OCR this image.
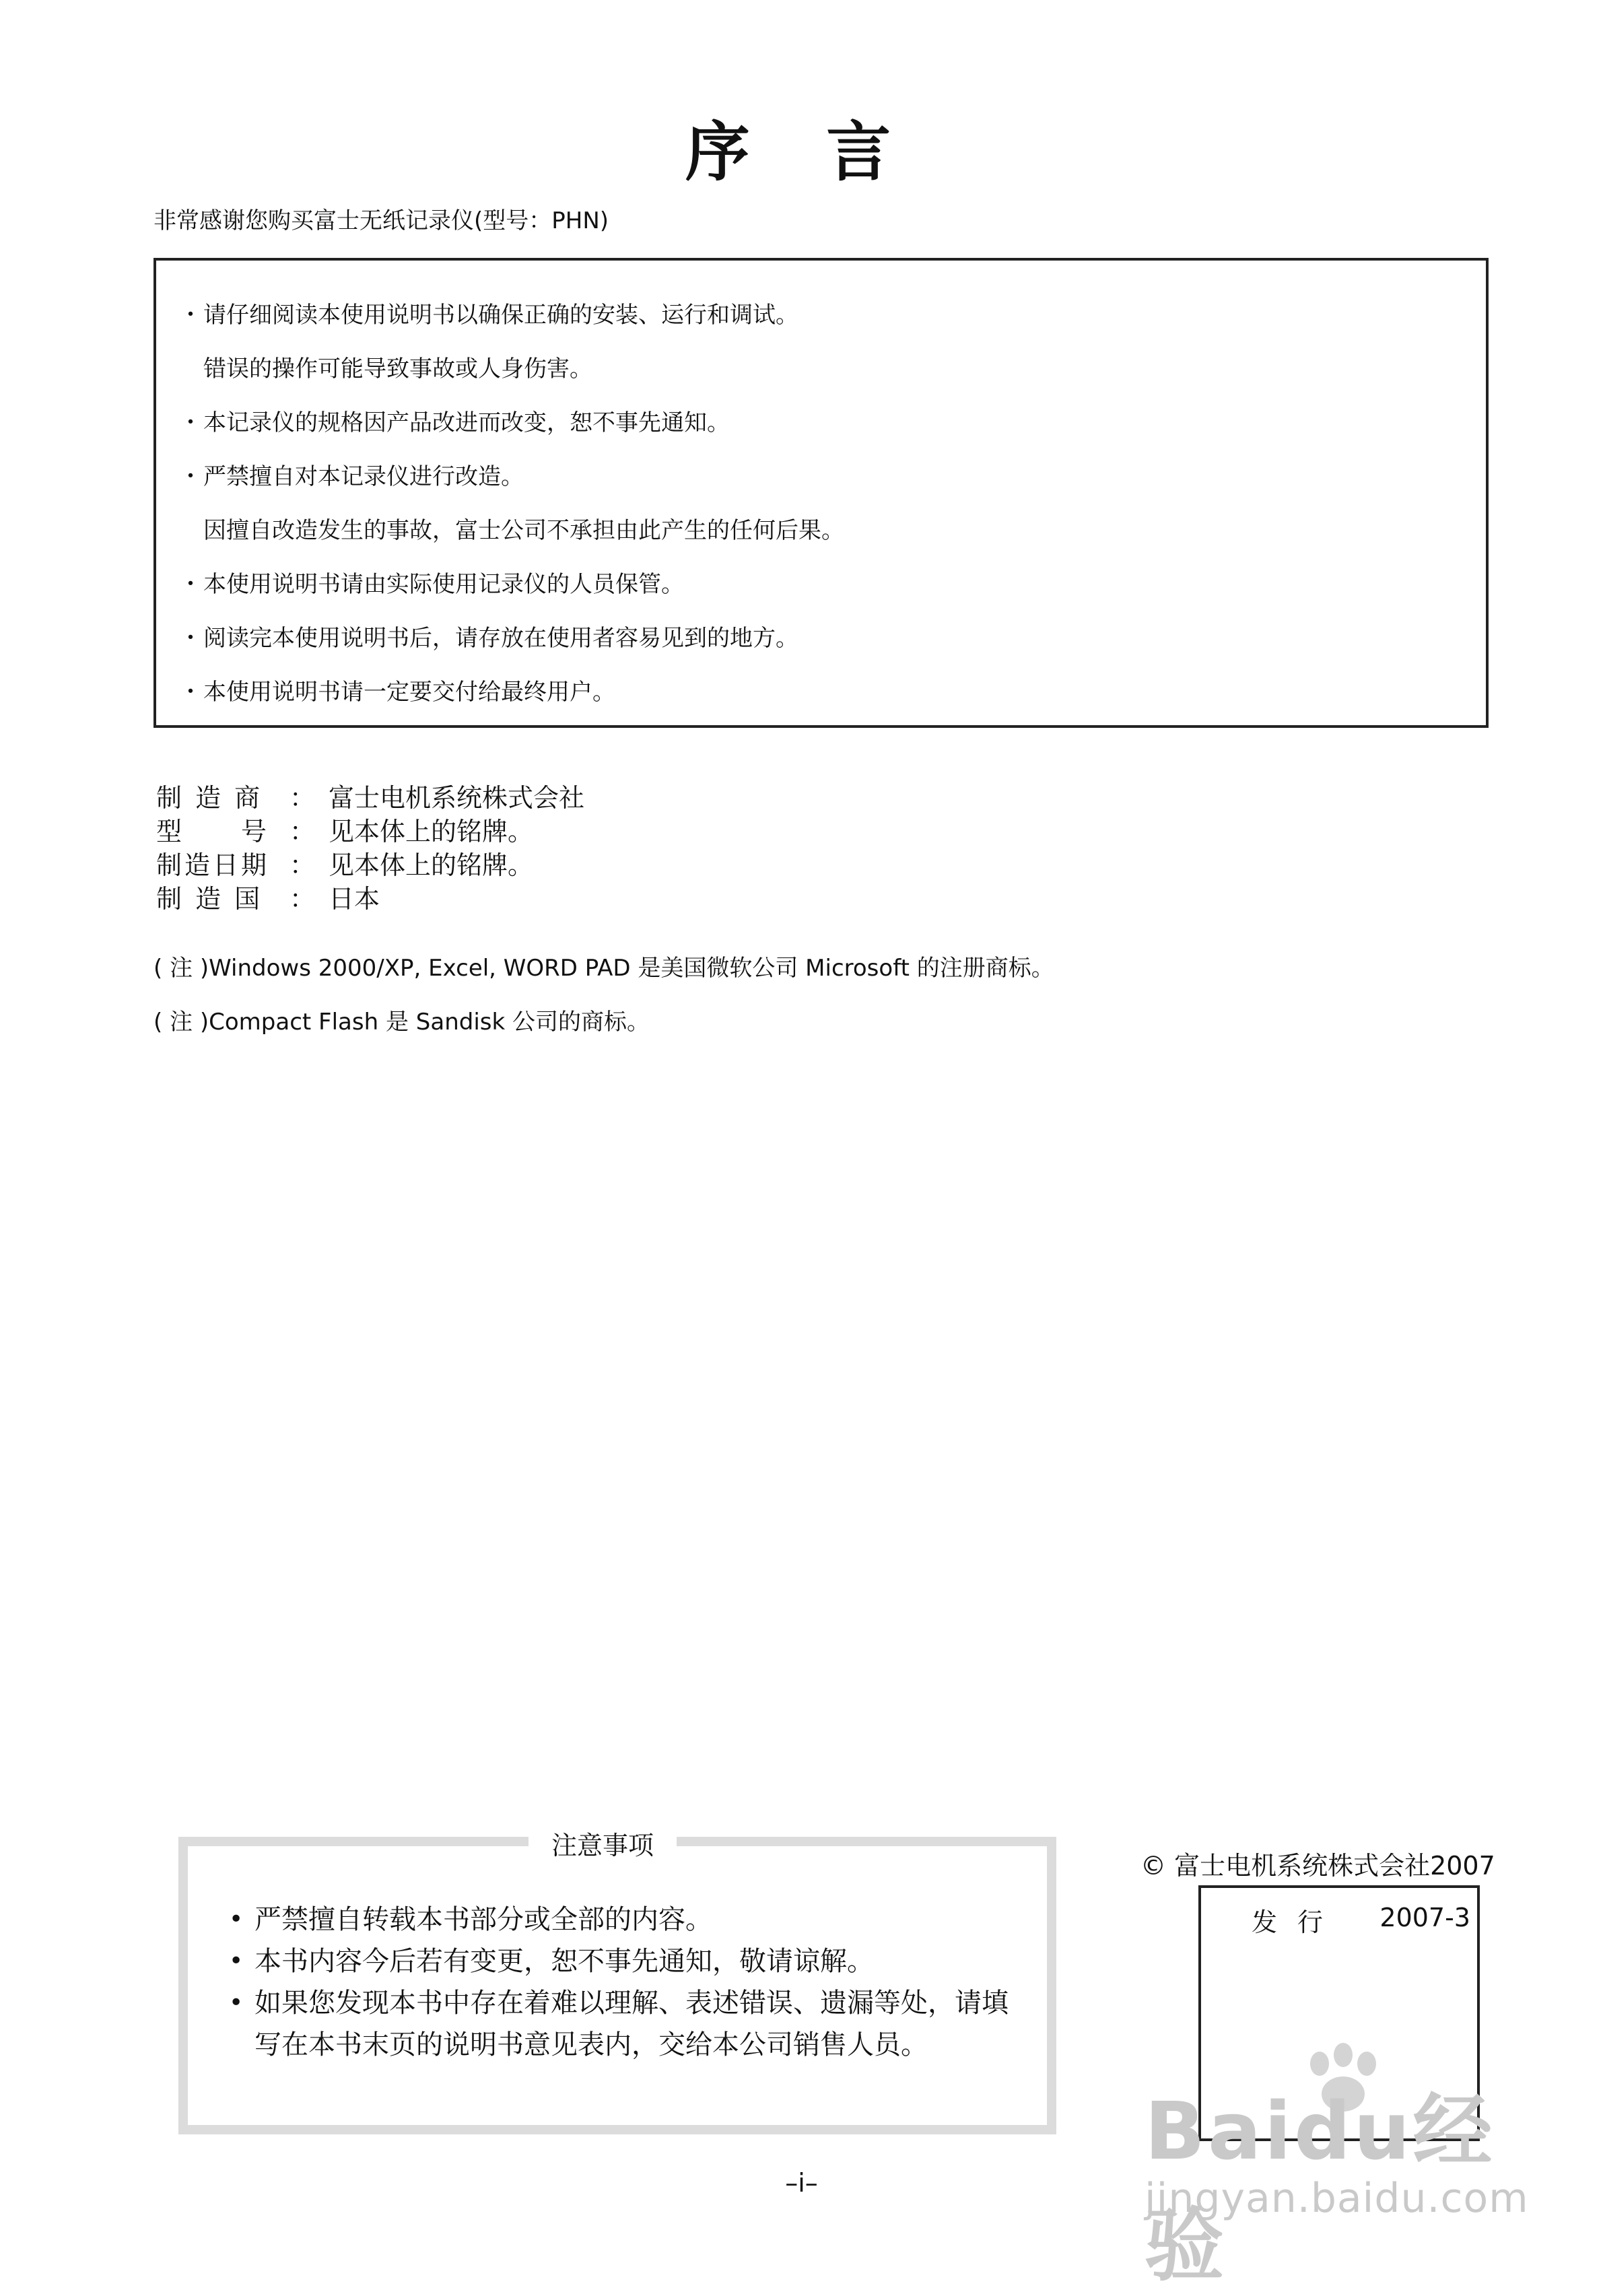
序 言
非常感谢您购买富士无纸记录仪(型号：PHN)
・ 请仔细阅读本使用说明书以确保正确的安装、运行和调试。
错误的操作可能导致事故或人身伤害。
・ 本记录仪的规格因产品改进而改变，恕不事先通知。
・ 严禁擅自对本记录仪进行改造。
因擅自改造发生的事故，富士公司不承担由此产生的任何后果。
・ 本使用说明书请由实际使用记录仪的人员保管。
・ 阅读完本使用说明书后，请存放在使用者容易见到的地方。
・ 本使用说明书请一定要交付给最终用户。
制 造 商	： 富士电机系统株式会社
型　　号 ： 见本体上的铭牌。
制造日期 ： 见本体上的铭牌。
制 造 国	： 日本
( 注 )Windows 2000/XP, Excel, WORD PAD 是美国微软公司 Microsoft 的注册商标。
( 注 )Compact Flash 是 Sandisk 公司的商标。
注意事项
• 严禁擅自转载本书部分或全部的内容。
• 本书内容今后若有变更，恕不事先通知，敬请谅解。
• 如果您发现本书中存在着难以理解、表述错误、遗漏等处，请填写在本书末页的说明书意见表内，交给本公司销售人员。
© 富士电机系统株式会社2007
发行 2007-3
–i–
Baidu经验
jingyan.baidu.com
